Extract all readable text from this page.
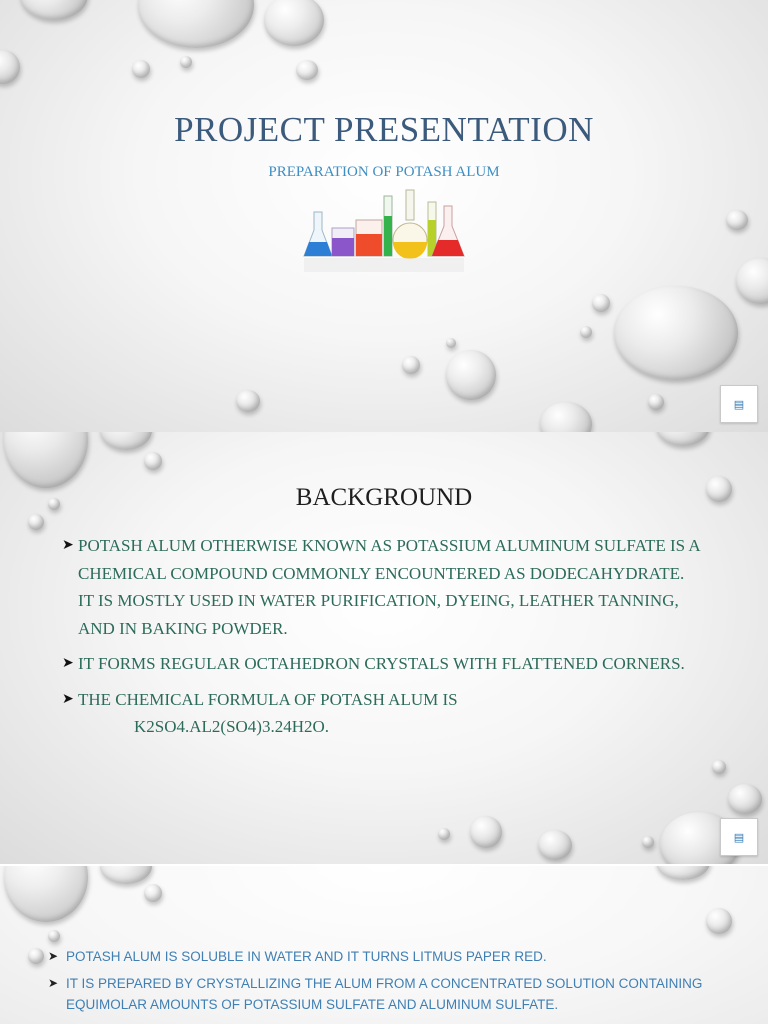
PROJECT PRESENTATION
PREPARATION OF POTASH ALUM
▤
BACKGROUND
➤ POTASH ALUM OTHERWISE KNOWN AS POTASSIUM ALUMINUM SULFATE IS A CHEMICAL COMPOUND COMMONLY ENCOUNTERED AS DODECAHYDRATE. IT IS MOSTLY USED IN WATER PURIFICATION, DYEING, LEATHER TANNING, AND IN BAKING POWDER.
➤ IT FORMS REGULAR OCTAHEDRON CRYSTALS WITH FLATTENED CORNERS.
➤ THE CHEMICAL FORMULA OF POTASH ALUM IS
K2SO4.AL2(SO4)3.24H2O.
▤
➤ POTASH ALUM IS SOLUBLE IN WATER AND IT TURNS LITMUS PAPER RED.
➤ IT IS PREPARED BY CRYSTALLIZING THE ALUM FROM A CONCENTRATED SOLUTION CONTAINING EQUIMOLAR AMOUNTS OF POTASSIUM SULFATE AND ALUMINUM SULFATE.
